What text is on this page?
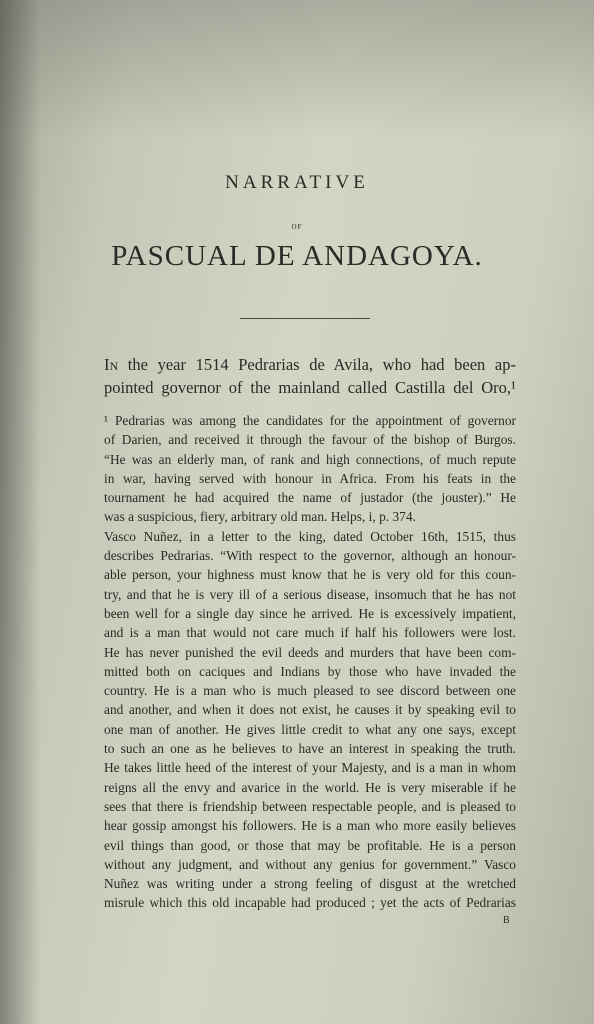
NARRATIVE
OF
PASCUAL DE ANDAGOYA.
In the year 1514 Pedrarias de Avila, who had been ap-
pointed governor of the mainland called Castilla del Oro,¹
¹ Pedrarias was among the candidates for the appointment of governor
of Darien, and received it through the favour of the bishop of Burgos.
“He was an elderly man, of rank and high connections, of much repute
in war, having served with honour in Africa. From his feats in the
tournament he had acquired the name of justador (the jouster).” He
was a suspicious, fiery, arbitrary old man. Helps, i, p. 374.
Vasco Nuñez, in a letter to the king, dated October 16th, 1515, thus
describes Pedrarias. “With respect to the governor, although an honour-
able person, your highness must know that he is very old for this coun-
try, and that he is very ill of a serious disease, insomuch that he has not
been well for a single day since he arrived. He is excessively impatient,
and is a man that would not care much if half his followers were lost.
He has never punished the evil deeds and murders that have been com-
mitted both on caciques and Indians by those who have invaded the
country. He is a man who is much pleased to see discord between one
and another, and when it does not exist, he causes it by speaking evil to
one man of another. He gives little credit to what any one says, except
to such an one as he believes to have an interest in speaking the truth.
He takes little heed of the interest of your Majesty, and is a man in whom
reigns all the envy and avarice in the world. He is very miserable if he
sees that there is friendship between respectable people, and is pleased to
hear gossip amongst his followers. He is a man who more easily believes
evil things than good, or those that may be profitable. He is a person
without any judgment, and without any genius for government.” Vasco
Nuñez was writing under a strong feeling of disgust at the wretched
misrule which this old incapable had produced ; yet the acts of Pedrarias
B
